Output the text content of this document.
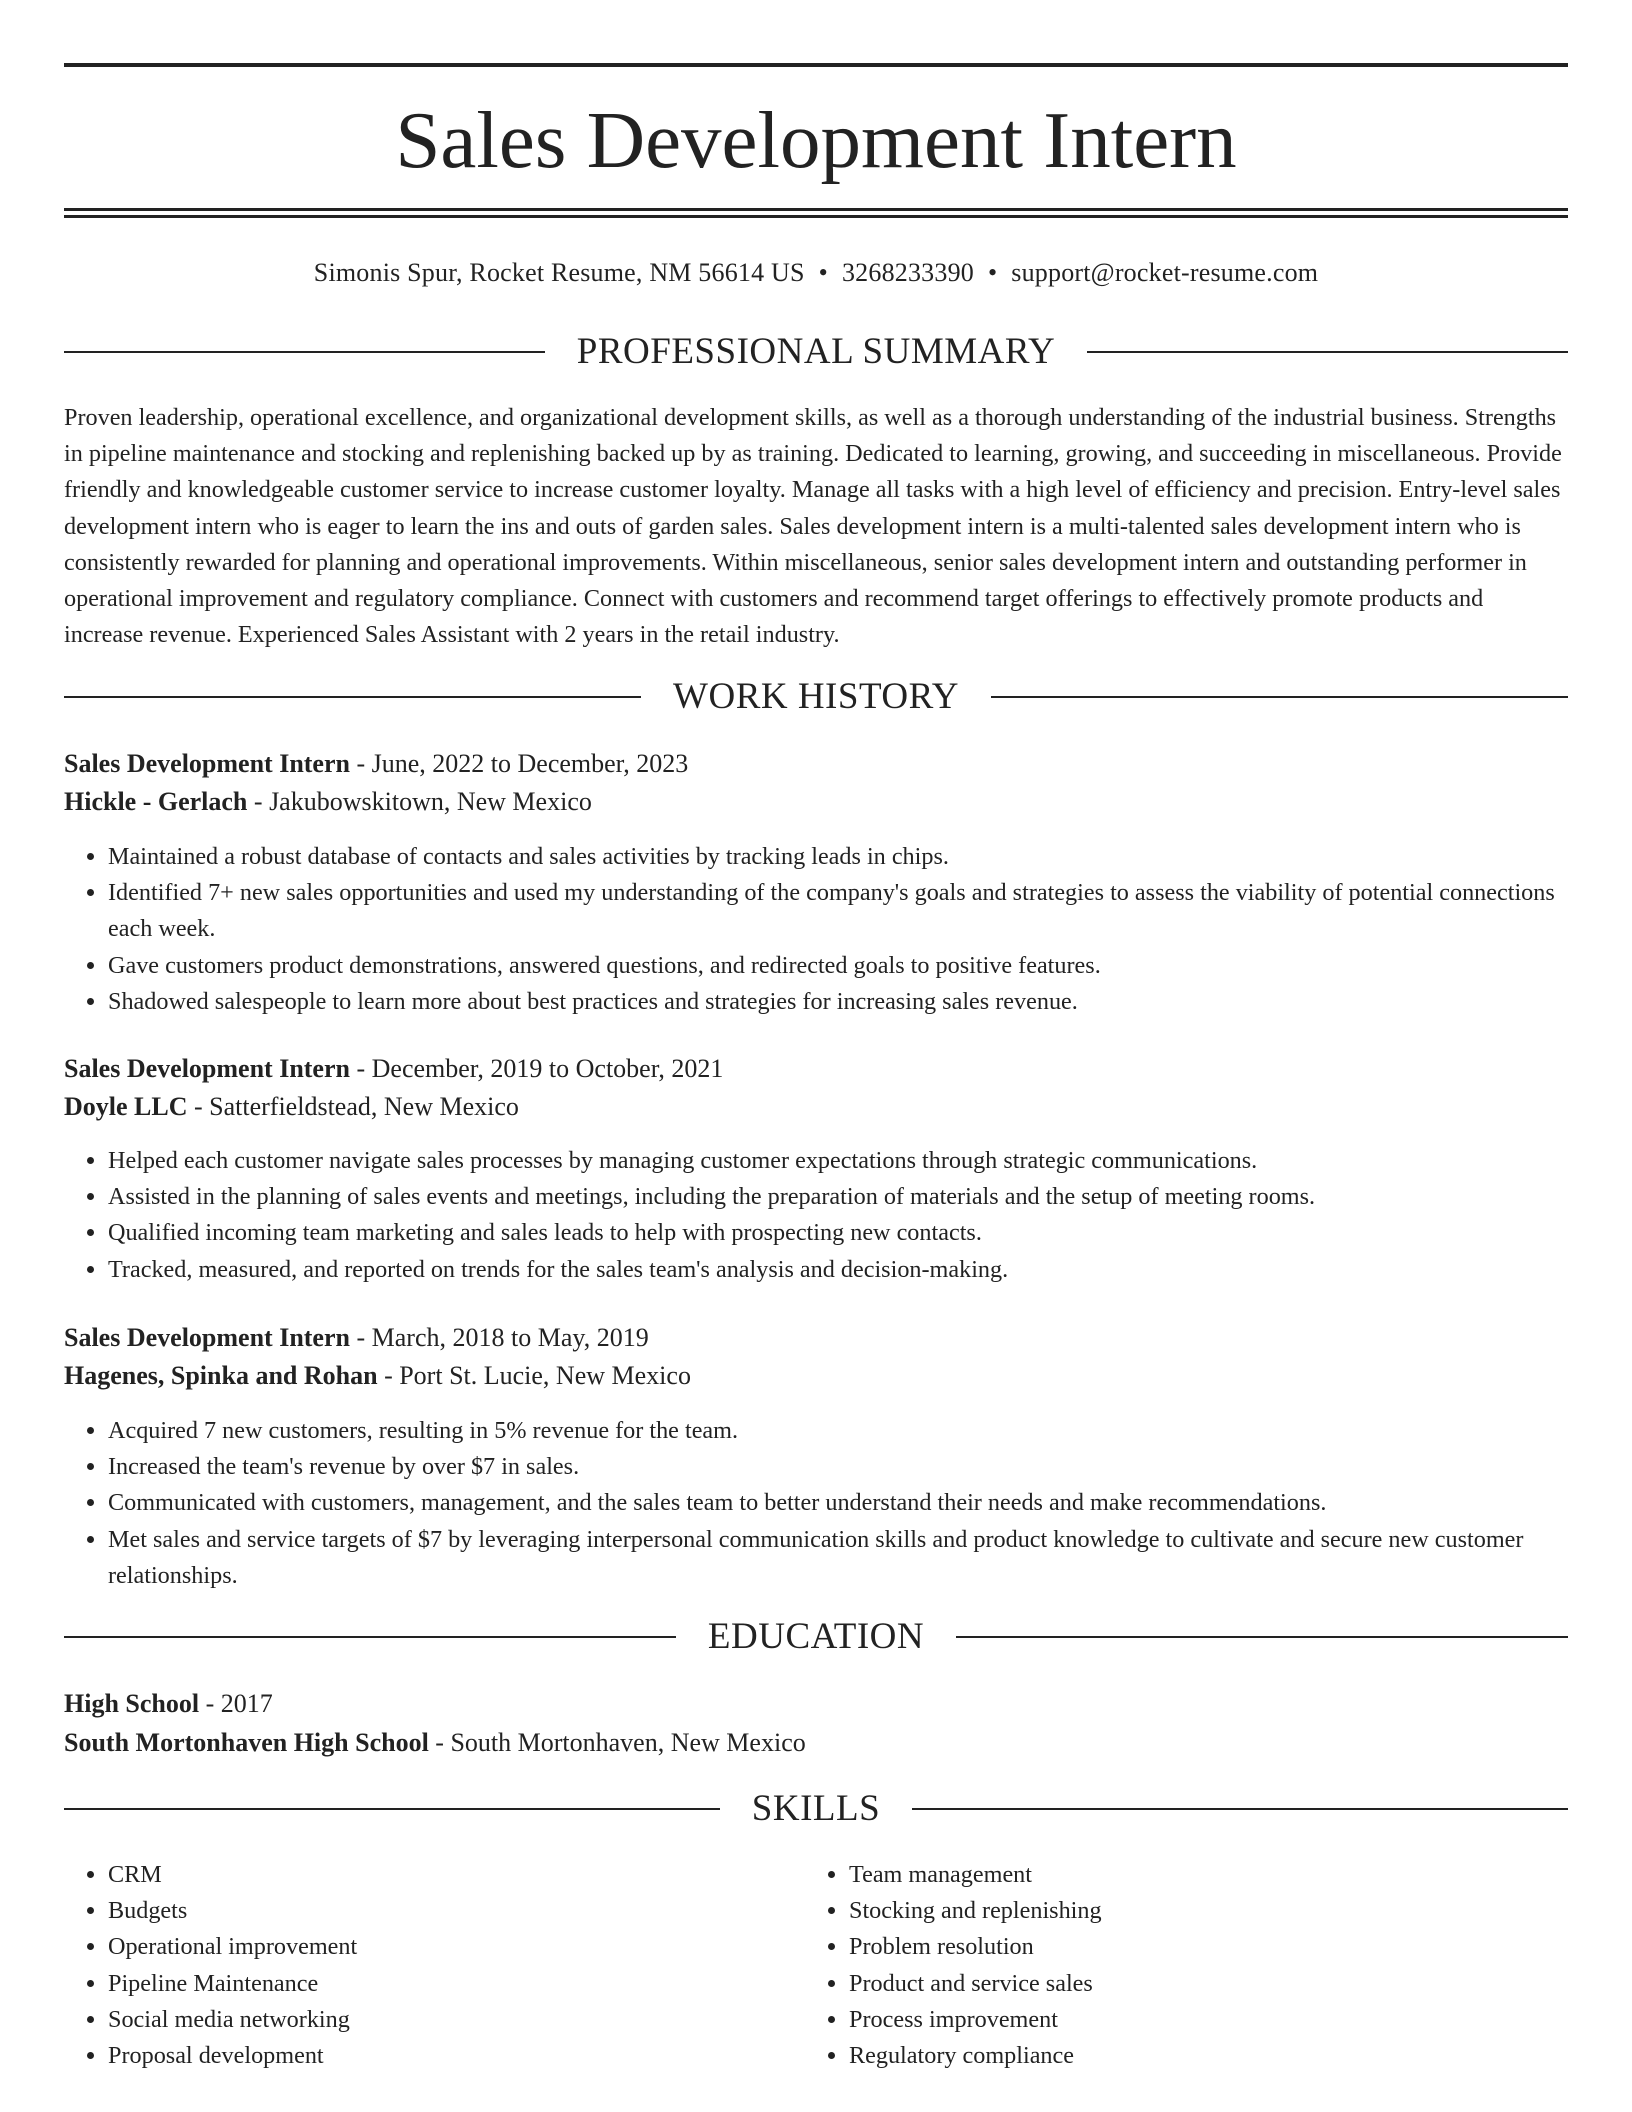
Sales Development Intern
Simonis Spur, Rocket Resume, NM 56614 US • 3268233390 • support@rocket-resume.com
PROFESSIONAL SUMMARY

Proven leadership, operational excellence, and organizational development skills, as well as a thorough understanding of the industrial business. Strengths in pipeline maintenance and stocking and replenishing backed up by as training. Dedicated to learning, growing, and succeeding in miscellaneous. Provide friendly and knowledgeable customer service to increase customer loyalty. Manage all tasks with a high level of efficiency and precision. Entry-level sales development intern who is eager to learn the ins and outs of garden sales. Sales development intern is a multi-talented sales development intern who is consistently rewarded for planning and operational improvements. Within miscellaneous, senior sales development intern and outstanding performer in operational improvement and regulatory compliance. Connect with customers and recommend target offerings to effectively promote products and increase revenue. Experienced Sales Assistant with 2 years in the retail industry.

WORK HISTORY
Sales Development Intern - June, 2022 to December, 2023
Hickle - Gerlach - Jakubowskitown, New Mexico
• Maintained a robust database of contacts and sales activities by tracking leads in chips.
• Identified 7+ new sales opportunities and used my understanding of the company's goals and strategies to assess the viability of potential connections each week.
• Gave customers product demonstrations, answered questions, and redirected goals to positive features.
• Shadowed salespeople to learn more about best practices and strategies for increasing sales revenue.
Sales Development Intern - December, 2019 to October, 2021
Doyle LLC - Satterfieldstead, New Mexico
• Helped each customer navigate sales processes by managing customer expectations through strategic communications.
• Assisted in the planning of sales events and meetings, including the preparation of materials and the setup of meeting rooms.
• Qualified incoming team marketing and sales leads to help with prospecting new contacts.
• Tracked, measured, and reported on trends for the sales team's analysis and decision-making.
Sales Development Intern - March, 2018 to May, 2019
Hagenes, Spinka and Rohan - Port St. Lucie, New Mexico
• Acquired 7 new customers, resulting in 5% revenue for the team.
• Increased the team's revenue by over $7 in sales.
• Communicated with customers, management, and the sales team to better understand their needs and make recommendations.
• Met sales and service targets of $7 by leveraging interpersonal communication skills and product knowledge to cultivate and secure new customer relationships.
EDUCATION
High School - 2017
South Mortonhaven High School - South Mortonhaven, New Mexico
SKILLS
• CRM
• Budgets
• Operational improvement
• Pipeline Maintenance
• Social media networking
• Proposal development
• Team management
• Stocking and replenishing
• Problem resolution
• Product and service sales
• Process improvement
• Regulatory compliance
